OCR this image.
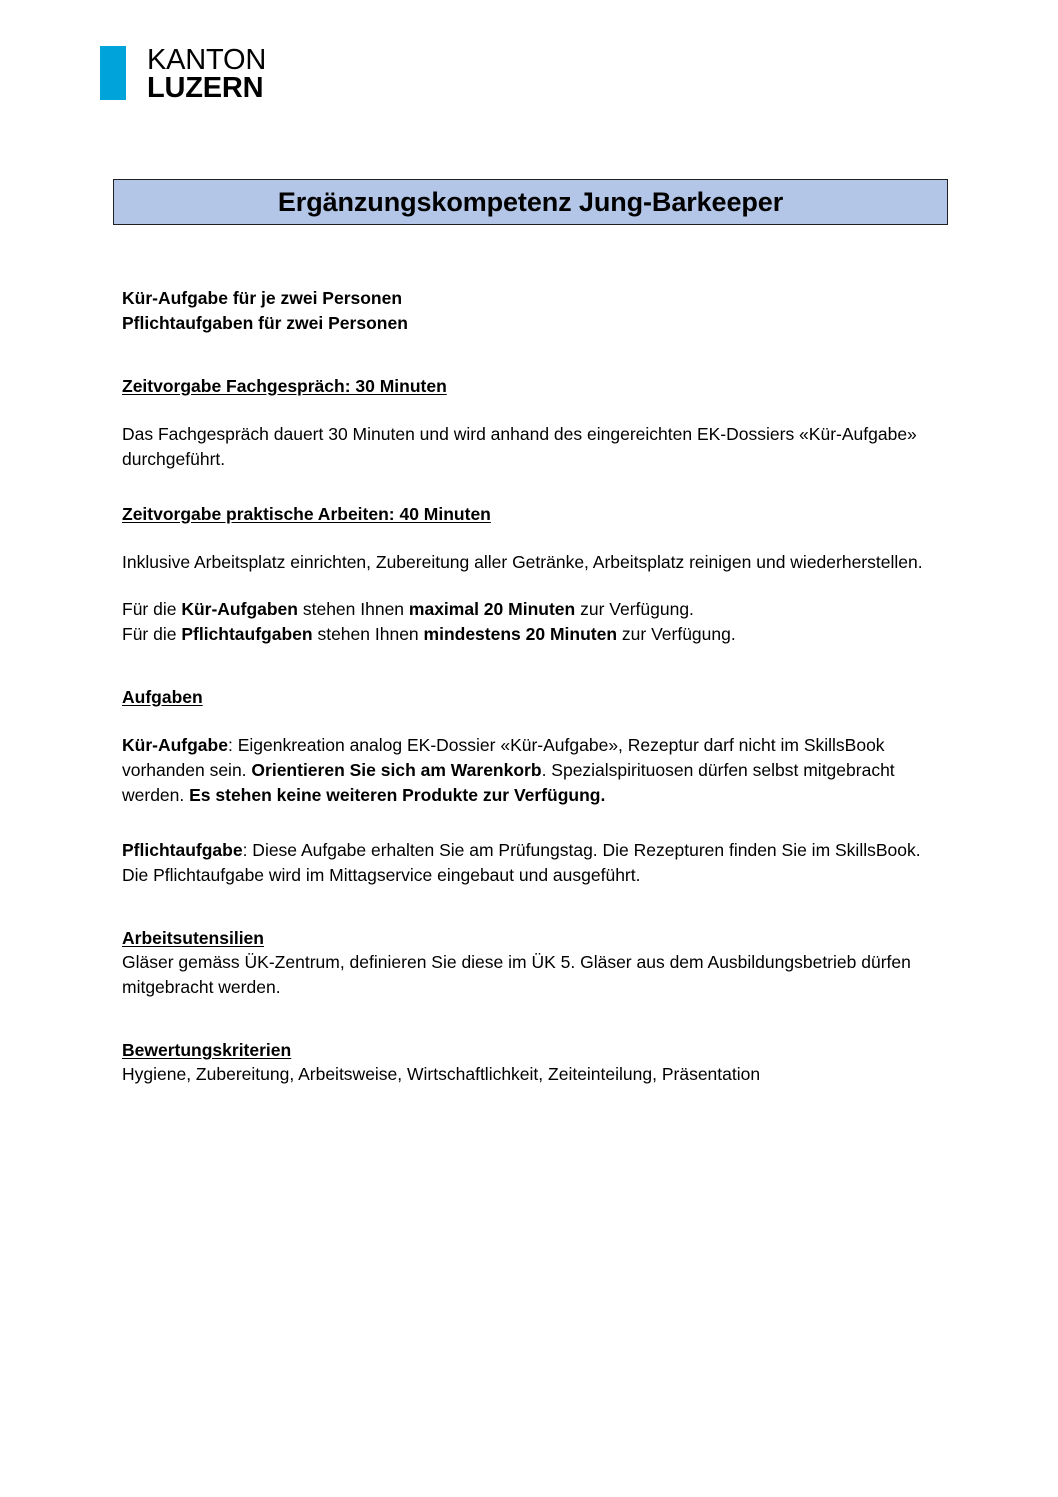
KANTON
LUZERN
Ergänzungskompetenz Jung-Barkeeper
Kür-Aufgabe für je zwei Personen
Pflichtaufgaben für zwei Personen
Zeitvorgabe Fachgespräch: 30 Minuten

Das Fachgespräch dauert 30 Minuten und wird anhand des eingereichten EK-Dossiers «Kür-Aufgabe» durchgeführt.

Zeitvorgabe praktische Arbeiten: 40 Minuten

Inklusive Arbeitsplatz einrichten, Zubereitung aller Getränke, Arbeitsplatz reinigen und wiederherstellen.

Für die Kür-Aufgaben stehen Ihnen maximal 20 Minuten zur Verfügung.

Für die Pflichtaufgaben stehen Ihnen mindestens 20 Minuten zur Verfügung.

Aufgaben

Kür-Aufgabe: Eigenkreation analog EK-Dossier «Kür-Aufgabe», Rezeptur darf nicht im SkillsBook vorhanden sein. Orientieren Sie sich am Warenkorb. Spezialspirituosen dürfen selbst mitgebracht werden. Es stehen keine weiteren Produkte zur Verfügung.

Pflichtaufgabe: Diese Aufgabe erhalten Sie am Prüfungstag. Die Rezepturen finden Sie im SkillsBook. Die Pflichtaufgabe wird im Mittagservice eingebaut und ausgeführt.

Arbeitsutensilien

Gläser gemäss ÜK-Zentrum, definieren Sie diese im ÜK 5. Gläser aus dem Ausbildungsbetrieb dürfen mitgebracht werden.

Bewertungskriterien

Hygiene, Zubereitung, Arbeitsweise, Wirtschaftlichkeit, Zeiteinteilung, Präsentation
